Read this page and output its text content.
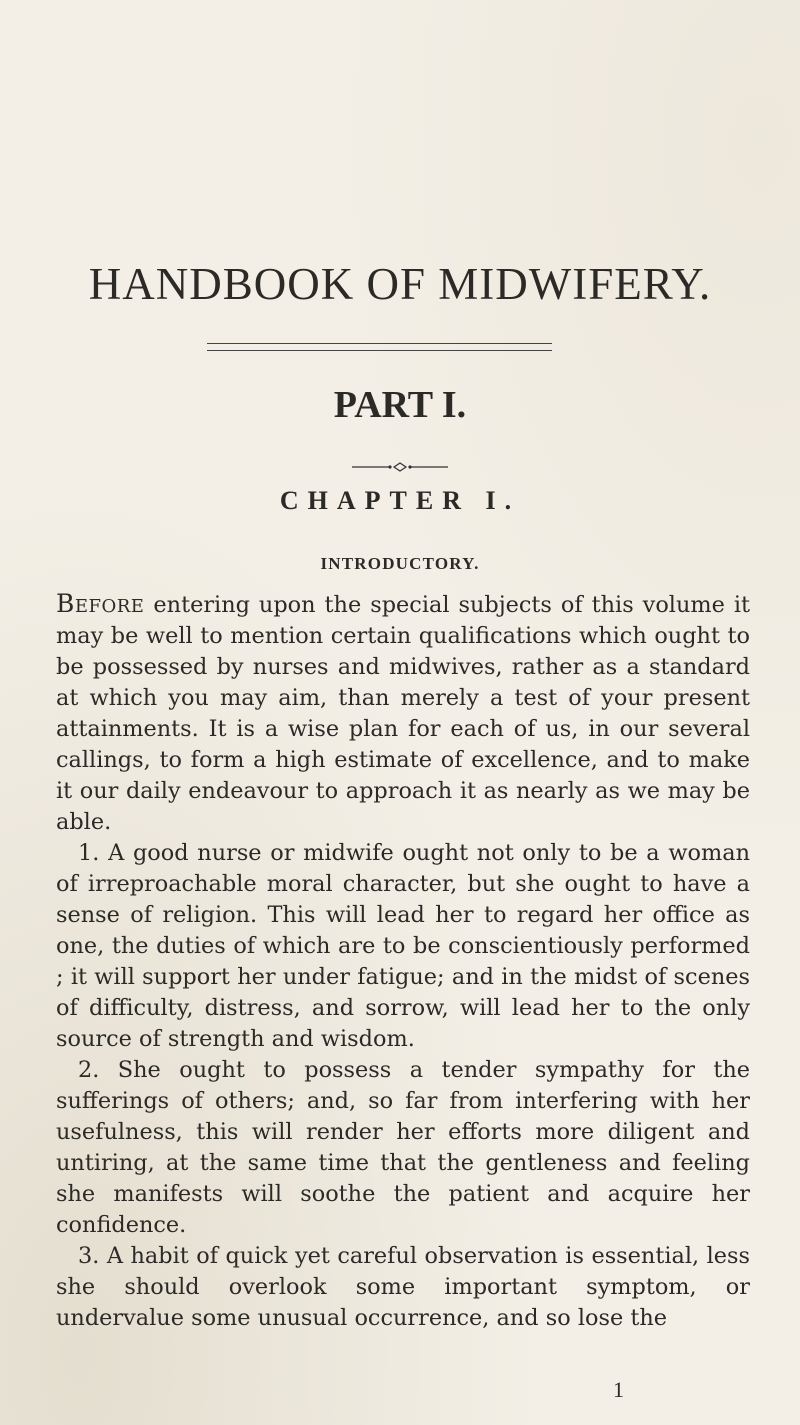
HANDBOOK OF MIDWIFERY.
PART I.
CHAPTER I.
INTRODUCTORY.

Before entering upon the special subjects of this volume it may be well to mention certain qualifications which ought to be possessed by nurses and midwives, rather as a standard at which you may aim, than merely a test of your present attainments. It is a wise plan for each of us, in our several callings, to form a high estimate of excellence, and to make it our daily endeavour to approach it as nearly as we may be able.

1. A good nurse or midwife ought not only to be a woman of irreproachable moral character, but she ought to have a sense of religion. This will lead her to regard her office as one, the duties of which are to be conscientiously performed ; it will support her under fatigue; and in the midst of scenes of difficulty, distress, and sorrow, will lead her to the only source of strength and wisdom.

2. She ought to possess a tender sympathy for the sufferings of others; and, so far from interfering with her usefulness, this will render her efforts more diligent and untiring, at the same time that the gentleness and feeling she manifests will soothe the patient and acquire her confidence.

3. A habit of quick yet careful observation is essential, less she should overlook some important symptom, or undervalue some unusual occurrence, and so lose the

1
